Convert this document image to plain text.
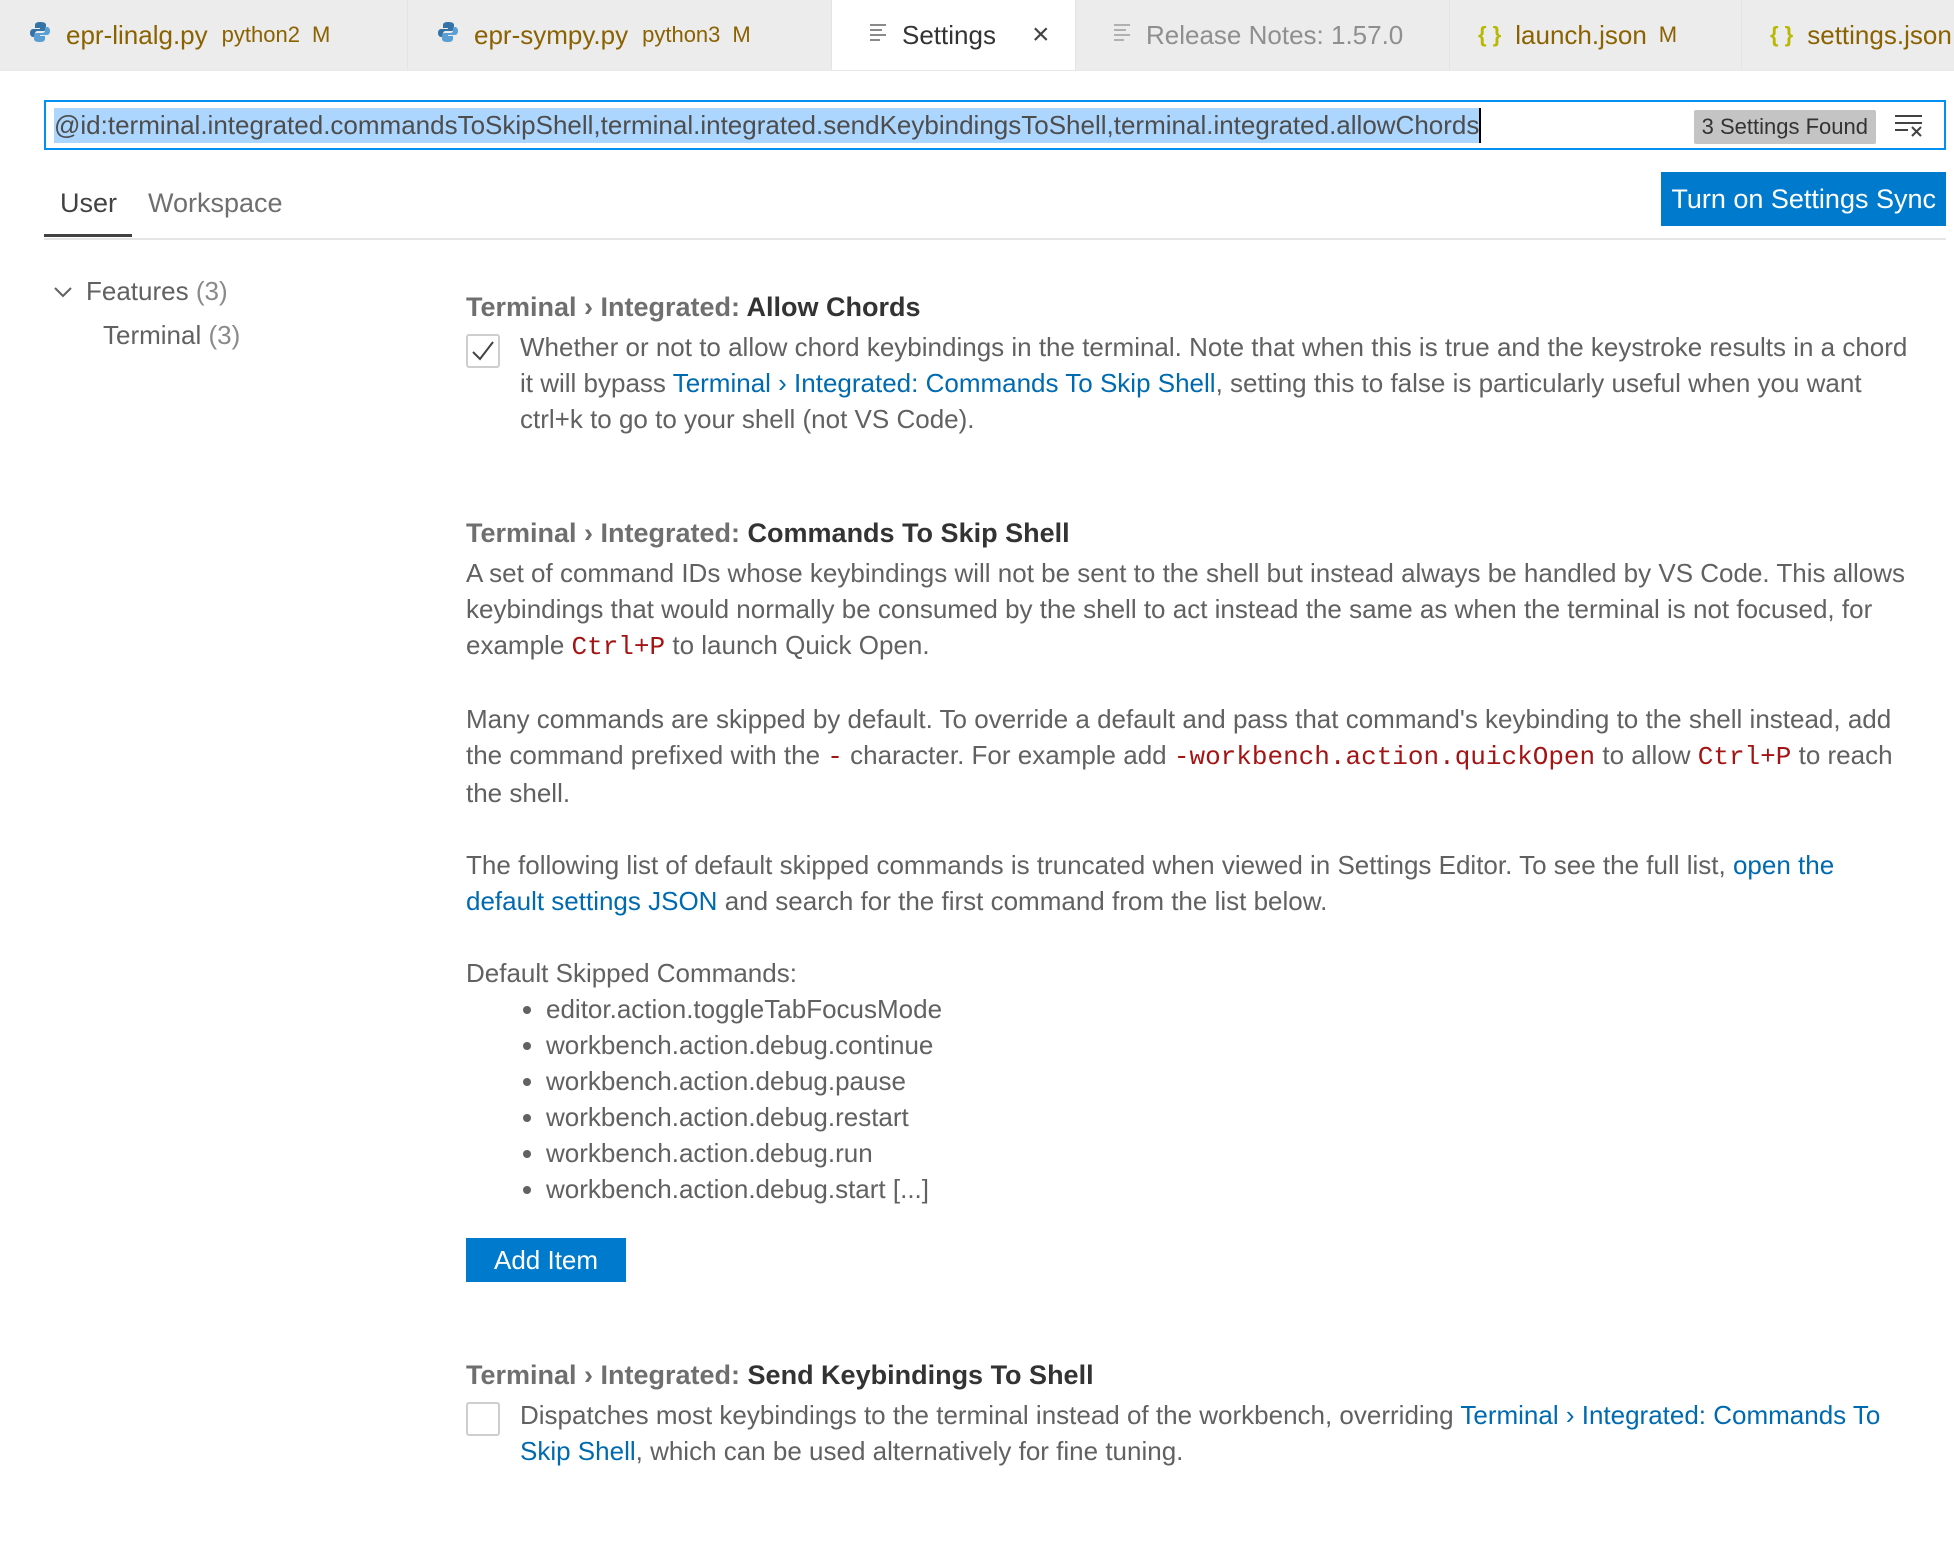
epr-linalg.py python2 M	epr-sympy.py python3 M	Settings ×	Release Notes: 1.57.0	{ } launch.json M	{ } settings.json
@id:terminal.integrated.commandsToSkipShell,terminal.integrated.sendKeybindingsToShell,terminal.integrated.allowChords	3 Settings Found
User Workspace	Turn on Settings Sync
Features
(3)
Terminal (3)
Terminal › Integrated: Allow Chords
Whether or not to allow chord keybindings in the terminal. Note that when this is true and the keystroke results in a chord it will bypass Terminal › Integrated: Commands To Skip Shell, setting this to false is particularly useful when you want ctrl+k to go to your shell (not VS Code).
Terminal › Integrated: Commands To Skip Shell

A set of command IDs whose keybindings will not be sent to the shell but instead always be handled by VS Code. This allows keybindings that would normally be consumed by the shell to act instead the same as when the terminal is not focused, for example Ctrl+P to launch Quick Open.

Many commands are skipped by default. To override a default and pass that command's keybinding to the shell instead, add the command prefixed with the - character. For example add -workbench.action.quickOpen to allow Ctrl+P to reach the shell.

The following list of default skipped commands is truncated when viewed in Settings Editor. To see the full list, open the default settings JSON and search for the first command from the list below.

Default Skipped Commands:
• editor.action.toggleTabFocusMode
• workbench.action.debug.continue
• workbench.action.debug.pause
• workbench.action.debug.restart
• workbench.action.debug.run
• workbench.action.debug.start [...]
Add Item
Terminal › Integrated: Send Keybindings To Shell
Dispatches most keybindings to the terminal instead of the workbench, overriding Terminal › Integrated: Commands To Skip Shell, which can be used alternatively for fine tuning.
